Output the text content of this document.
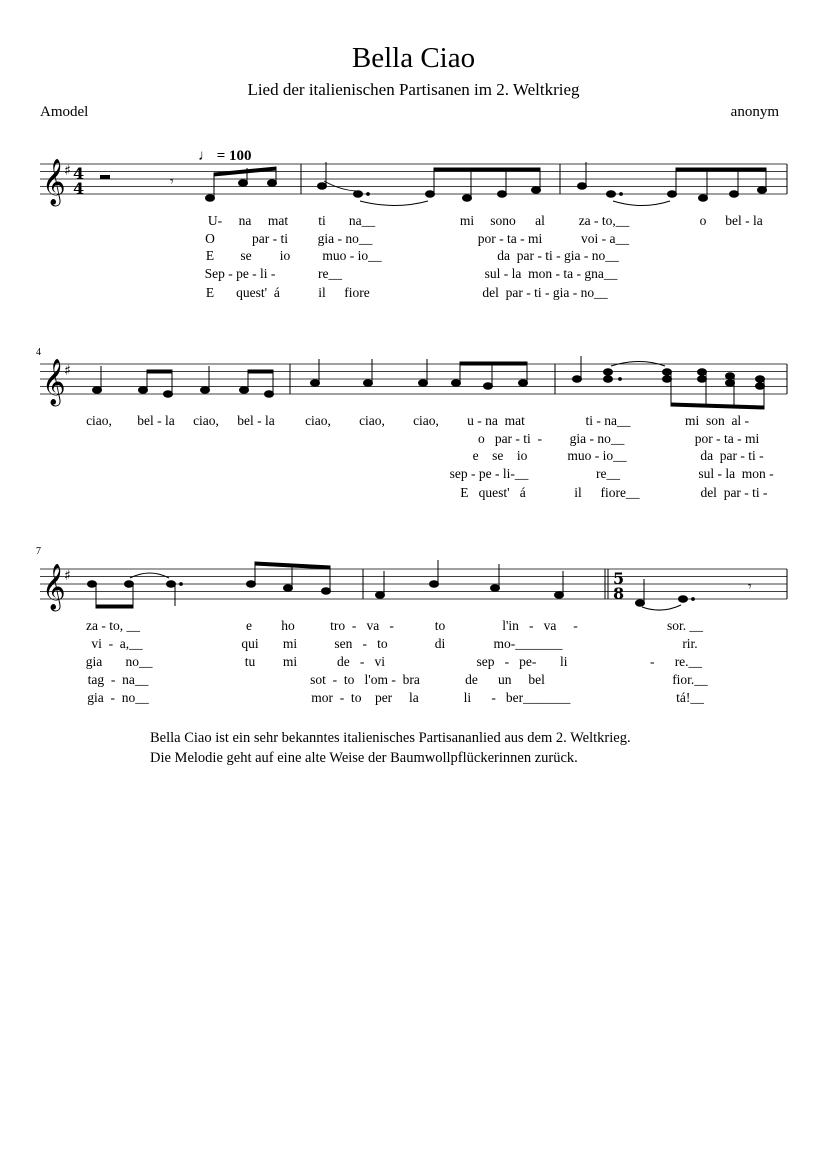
Bella Ciao
Lied der italienischen Partisanen im 2. Weltkrieg
Amodel	anonym
♩ = 100
𝄞
♯ 4
4	𝄾
U- na mat ti na__	mi sono al	za - to,__	o bel - la
O	par - ti gia - no__	por - ta - mi	voi - a__
E se io muo - io__	da  par - ti - gia - no__
Sep - pe - li -	re__	sul - la  mon - ta - gna__
E quest'  á	il fiore	del  par - ti - gia - no__
4
𝄞
♯
ciao, bel - la ciao, bel - la ciao, ciao, ciao, u - na  mat	ti - na__	mi  son  al -
o   par - ti  - gia - no__	por - ta - mi
e    se    io	muo - io__	da  par - ti -
sep - pe - li-__	re__	sul - la  mon -
E   quest'   á	il fiore__	del  par - ti -
7
𝄞
♯	5
8	𝄾
za - to, __	e ho	tro  -   va   -	to	l'in   -   va     -	sor. __
vi  -  a,__	qui mi	sen   -   to	di	mo-_______	rir.
gia no__	tu mi	de   -   vi	sep   -   pe-       li	-      re.__
tag  -  na__	sot  -  to   l'om -  bra	de      un     bel	fior.__
gia  -  no__	mor  -  to    per     la	li      -   ber_______	tá!__
Bella Ciao ist ein sehr bekanntes italienisches Partisananlied aus dem 2. Weltkrieg.
Die Melodie geht auf eine alte Weise der Baumwollpflückerinnen zurück.
